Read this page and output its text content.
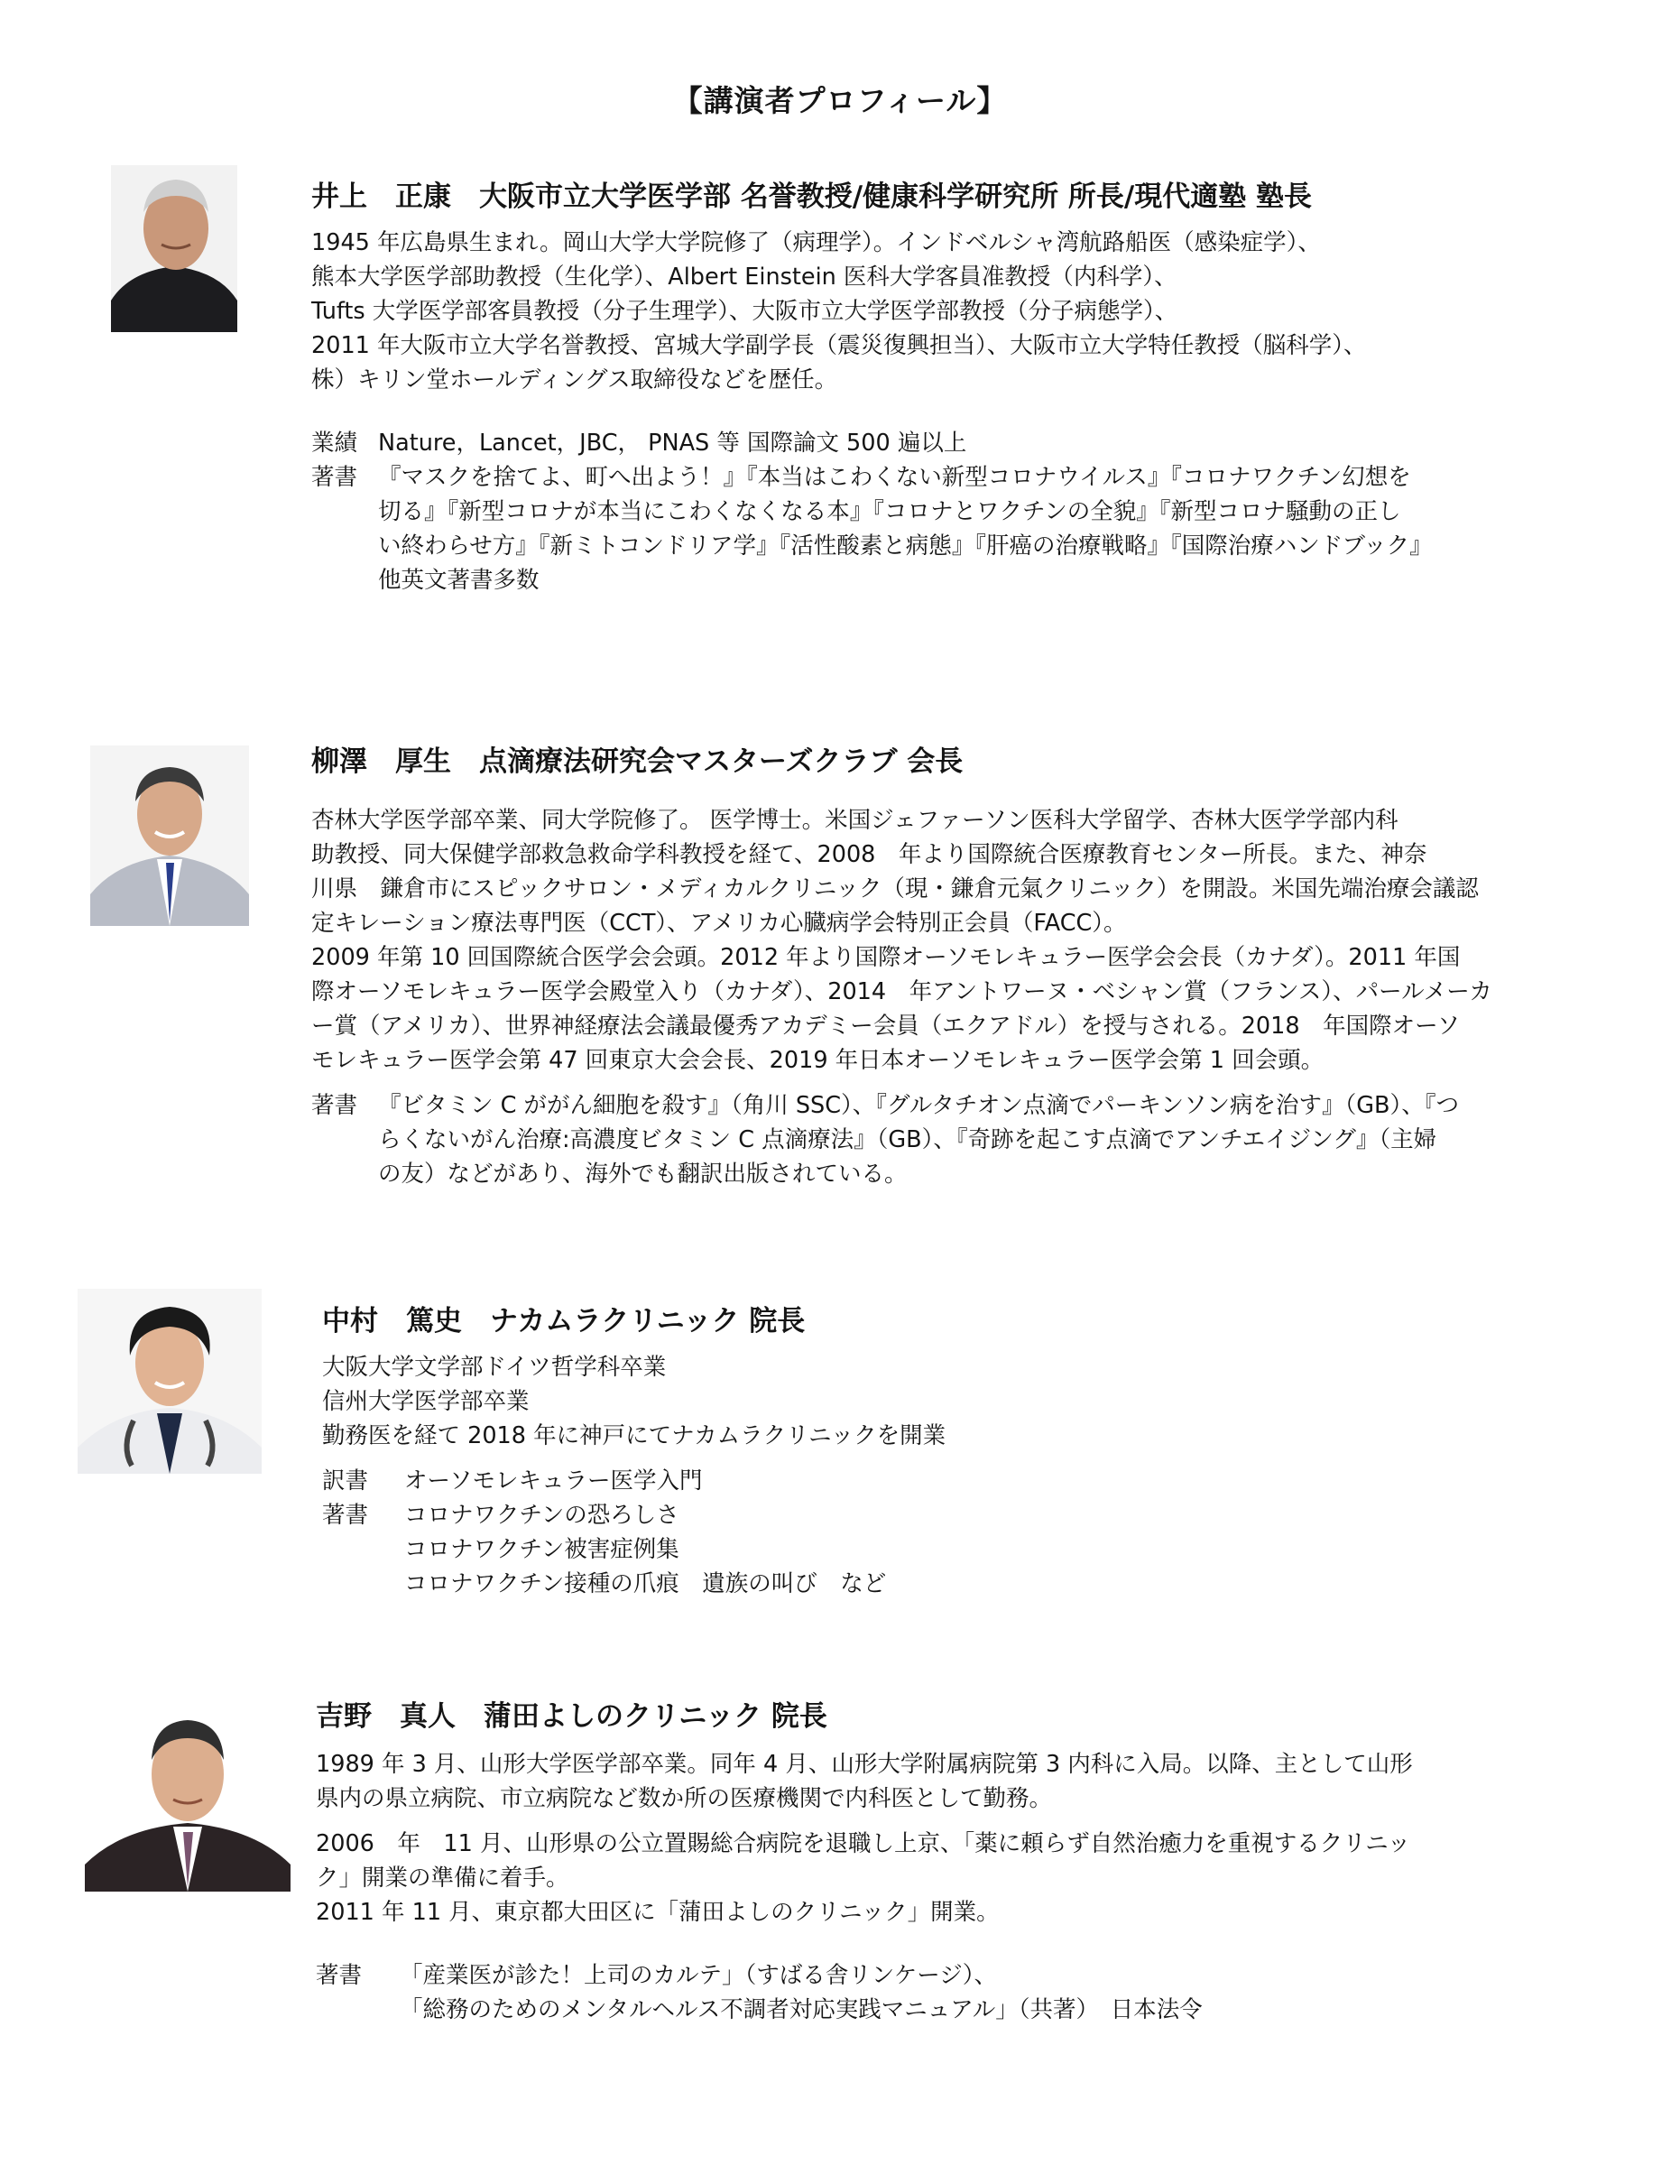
【講演者プロフィール】
井上　正康　大阪市立大学医学部 名誉教授/健康科学研究所 所長/現代適塾 塾長
1945 年広島県生まれ。岡山大学大学院修了（病理学）。インドベルシャ湾航路船医（感染症学）、
熊本大学医学部助教授（生化学）、Albert Einstein 医科大学客員准教授（内科学）、
Tufts 大学医学部客員教授（分子生理学）、大阪市立大学医学部教授（分子病態学）、
2011 年大阪市立大学名誉教授、宮城大学副学長（震災復興担当）、大阪市立大学特任教授（脳科学）、
株）キリン堂ホールディングス取締役などを歴任。
業績 Nature，Lancet，JBC， PNAS 等 国際論文 500 遍以上
著書 『マスクを捨てよ、町へ出よう！』『本当はこわくない新型コロナウイルス』『コロナワクチン幻想を
切る』『新型コロナが本当にこわくなくなる本』『コロナとワクチンの全貌』『新型コロナ騒動の正し
い終わらせ方』『新ミトコンドリア学』『活性酸素と病態』『肝癌の治療戦略』『国際治療ハンドブック』
他英文著書多数
柳澤　厚生　点滴療法研究会マスターズクラブ 会長
杏林大学医学部卒業、同大学院修了。 医学博士。米国ジェファーソン医科大学留学、杏林大医学学部内科
助教授、同大保健学部救急救命学科教授を経て、2008　年より国際統合医療教育センター所長。また、神奈
川県　鎌倉市にスピックサロン・メディカルクリニック（現・鎌倉元氣クリニック）を開設。米国先端治療会議認
定キレーション療法専門医（CCT）、アメリカ心臓病学会特別正会員（FACC）。
2009 年第 10 回国際統合医学会会頭。2012 年より国際オーソモレキュラー医学会会長（カナダ）。2011 年国
際オーソモレキュラー医学会殿堂入り（カナダ）、2014　年アントワーヌ・ベシャン賞（フランス）、パールメーカ
ー賞（アメリカ）、世界神経療法会議最優秀アカデミー会員（エクアドル）を授与される。2018　年国際オーソ
モレキュラー医学会第 47 回東京大会会長、2019 年日本オーソモレキュラー医学会第 1 回会頭。
著書 『ビタミン C ががん細胞を殺す』（角川 SSC）、『グルタチオン点滴でパーキンソン病を治す』（GB）、『つ
らくないがん治療:高濃度ビタミン C 点滴療法』（GB）、『奇跡を起こす点滴でアンチエイジング』（主婦
の友）などがあり、海外でも翻訳出版されている。
中村　篤史　ナカムラクリニック 院長
大阪大学文学部ドイツ哲学科卒業
信州大学医学部卒業
勤務医を経て 2018 年に神戸にてナカムラクリニックを開業
訳書	オーソモレキュラー医学入門
著書	コロナワクチンの恐ろしさ
コロナワクチン被害症例集
コロナワクチン接種の爪痕　遺族の叫び　など
吉野　真人　蒲田よしのクリニック 院長
1989 年 3 月、山形大学医学部卒業。同年 4 月、山形大学附属病院第 3 内科に入局。以降、主として山形
県内の県立病院、市立病院など数か所の医療機関で内科医として勤務。
2006　年　11 月、山形県の公立置賜総合病院を退職し上京、「薬に頼らず自然治癒力を重視するクリニッ
ク」開業の準備に着手。
2011 年 11 月、東京都大田区に「蒲田よしのクリニック」開業。
著書	「産業医が診た！上司のカルテ」（すばる舎リンケージ）、
「総務のためのメンタルヘルス不調者対応実践マニュアル」（共著）　日本法令
